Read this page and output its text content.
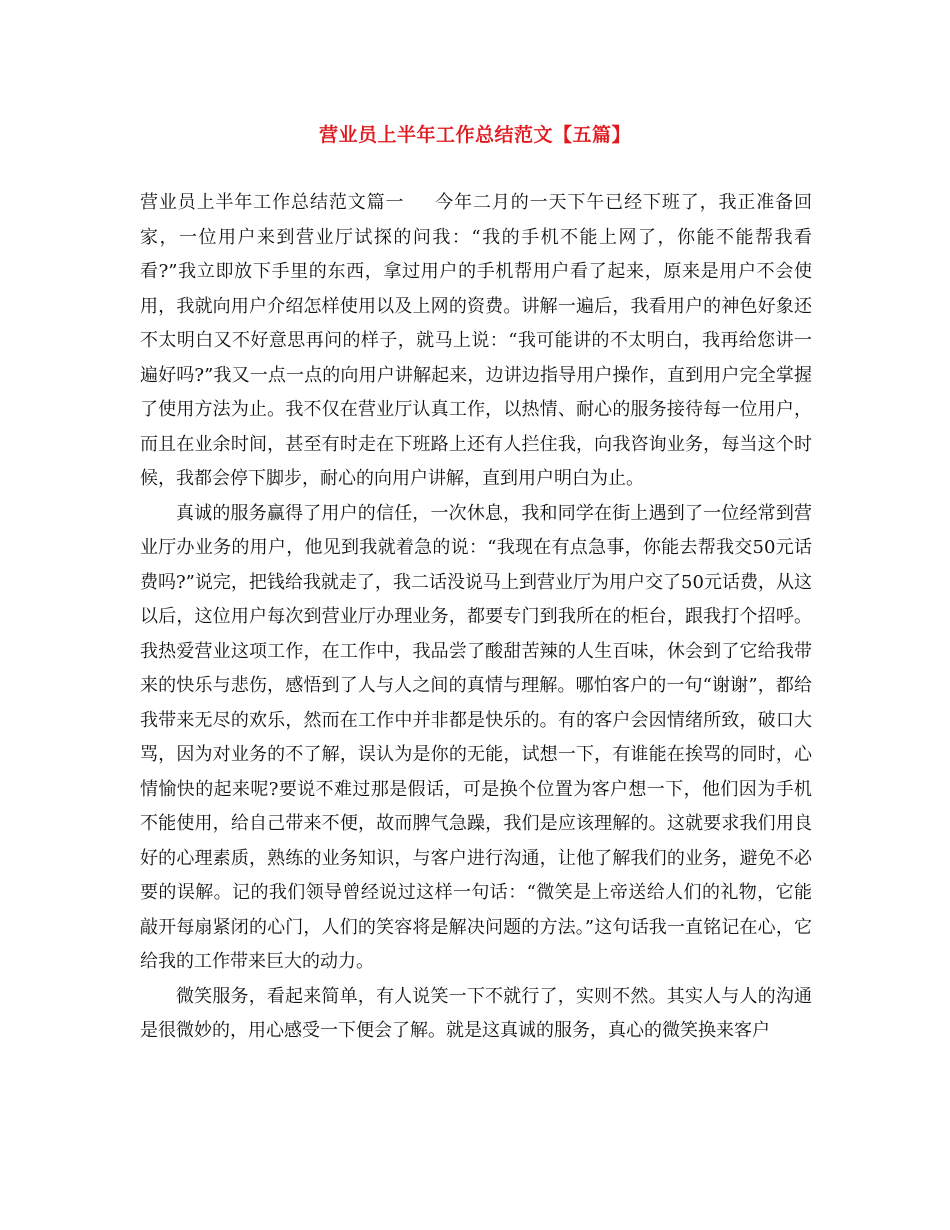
营业员上半年工作总结范文【五篇】

营业员上半年工作总结范文篇一 今年二月的一天下午已经下班了，我正准备回家，一位用户来到营业厅试探的问我：“我的手机不能上网了，你能不能帮我看看?”我立即放下手里的东西，拿过用户的手机帮用户看了起来，原来是用户不会使用，我就向用户介绍怎样使用以及上网的资费。讲解一遍后，我看用户的神色好象还不太明白又不好意思再问的样子，就马上说：“我可能讲的不太明白，我再给您讲一遍好吗?”我又一点一点的向用户讲解起来，边讲边指导用户操作，直到用户完全掌握了使用方法为止。我不仅在营业厅认真工作，以热情、耐心的服务接待每一位用户，而且在业余时间，甚至有时走在下班路上还有人拦住我，向我咨询业务，每当这个时候，我都会停下脚步，耐心的向用户讲解，直到用户明白为止。

真诚的服务赢得了用户的信任，一次休息，我和同学在街上遇到了一位经常到营业厅办业务的用户，他见到我就着急的说：“我现在有点急事，你能去帮我交50元话费吗?”说完，把钱给我就走了，我二话没说马上到营业厅为用户交了50元话费，从这以后，这位用户每次到营业厅办理业务，都要专门到我所在的柜台，跟我打个招呼。我热爱营业这项工作，在工作中，我品尝了酸甜苦辣的人生百味，休会到了它给我带来的快乐与悲伤，感悟到了人与人之间的真情与理解。哪怕客户的一句“谢谢”，都给我带来无尽的欢乐，然而在工作中并非都是快乐的。有的客户会因情绪所致，破口大骂，因为对业务的不了解，误认为是你的无能，试想一下，有谁能在挨骂的同时，心情愉快的起来呢?要说不难过那是假话，可是换个位置为客户想一下，他们因为手机不能使用，给自己带来不便，故而脾气急躁，我们是应该理解的。这就要求我们用良好的心理素质，熟练的业务知识，与客户进行沟通，让他了解我们的业务，避免不必要的误解。记的我们领导曾经说过这样一句话：“微笑是上帝送给人们的礼物，它能敲开每扇紧闭的心门，人们的笑容将是解决问题的方法。”这句话我一直铭记在心，它给我的工作带来巨大的动力。

微笑服务，看起来简单，有人说笑一下不就行了，实则不然。其实人与人的沟通是很微妙的，用心感受一下便会了解。就是这真诚的服务，真心的微笑换来客户
